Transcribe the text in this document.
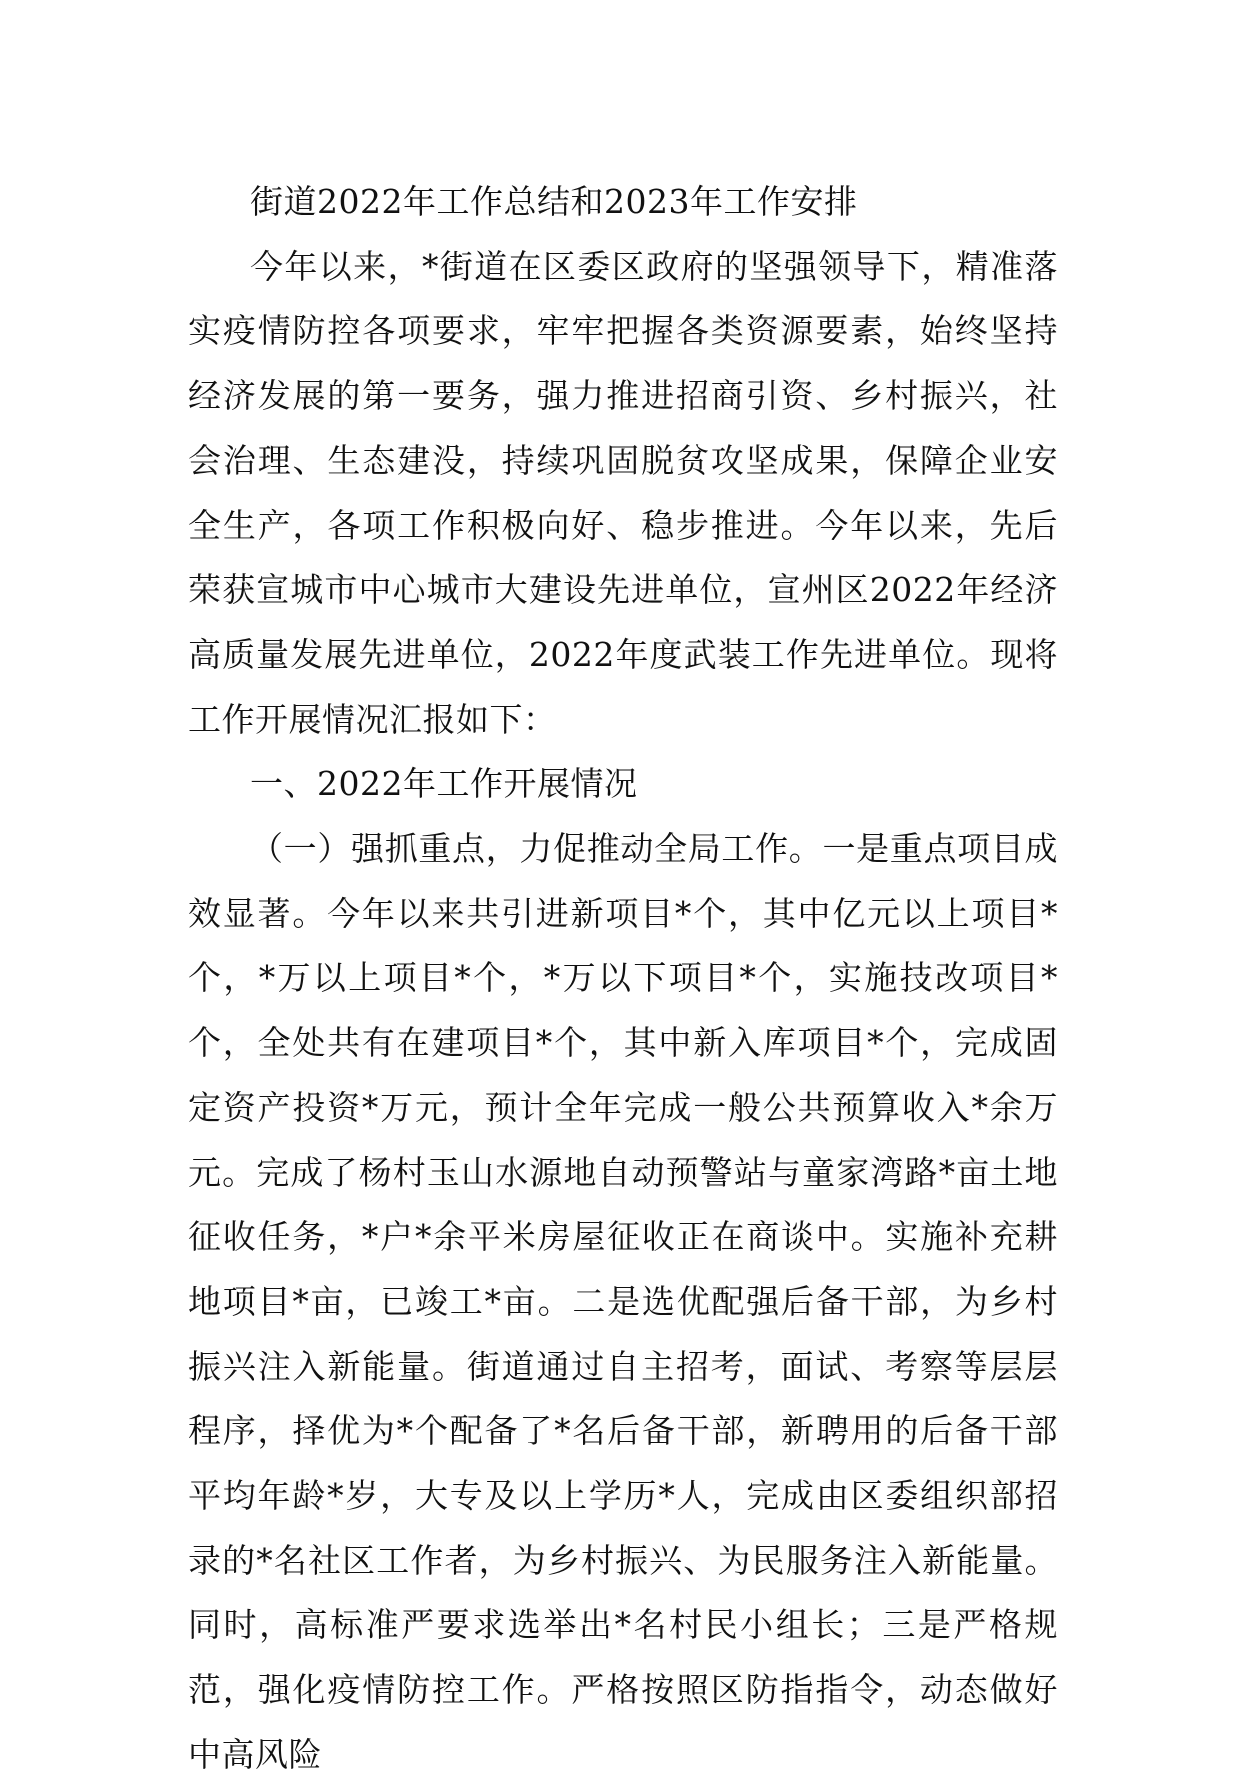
街道2022年工作总结和2023年工作安排

今年以来，*街道在区委区政府的坚强领导下，精准落实疫情防控各项要求，牢牢把握各类资源要素，始终坚持经济发展的第一要务，强力推进招商引资、乡村振兴，社会治理、生态建没，持续巩固脱贫攻坚成果，保障企业安全生产，各项工作积极向好、稳步推进。今年以来，先后荣获宣城市中心城市大建设先进单位，宣州区2022年经济高质量发展先进单位，2022年度武装工作先进单位。现将工作开展情况汇报如下：

一、2022年工作开展情况

（一）强抓重点，力促推动全局工作。一是重点项目成效显著。今年以来共引进新项目*个，其中亿元以上项目*个，*万以上项目*个，*万以下项目*个，实施技改项目*个，全处共有在建项目*个，其中新入库项目*个，完成固定资产投资*万元，预计全年完成一般公共预算收入*余万元。完成了杨村玉山水源地自动预警站与童家湾路*亩土地征收任务，*户*余平米房屋征收正在商谈中。实施补充耕地项目*亩，已竣工*亩。二是选优配强后备干部，为乡村振兴注入新能量。街道通过自主招考，面试、考察等层层程序，择优为*个配备了*名后备干部，新聘用的后备干部平均年龄*岁，大专及以上学历*人，完成由区委组织部招录的*名社区工作者，为乡村振兴、为民服务注入新能量。同时，高标准严要求选举出*名村民小组长；三是严格规范，强化疫情防控工作。严格按照区防指指令，动态做好中高风险
